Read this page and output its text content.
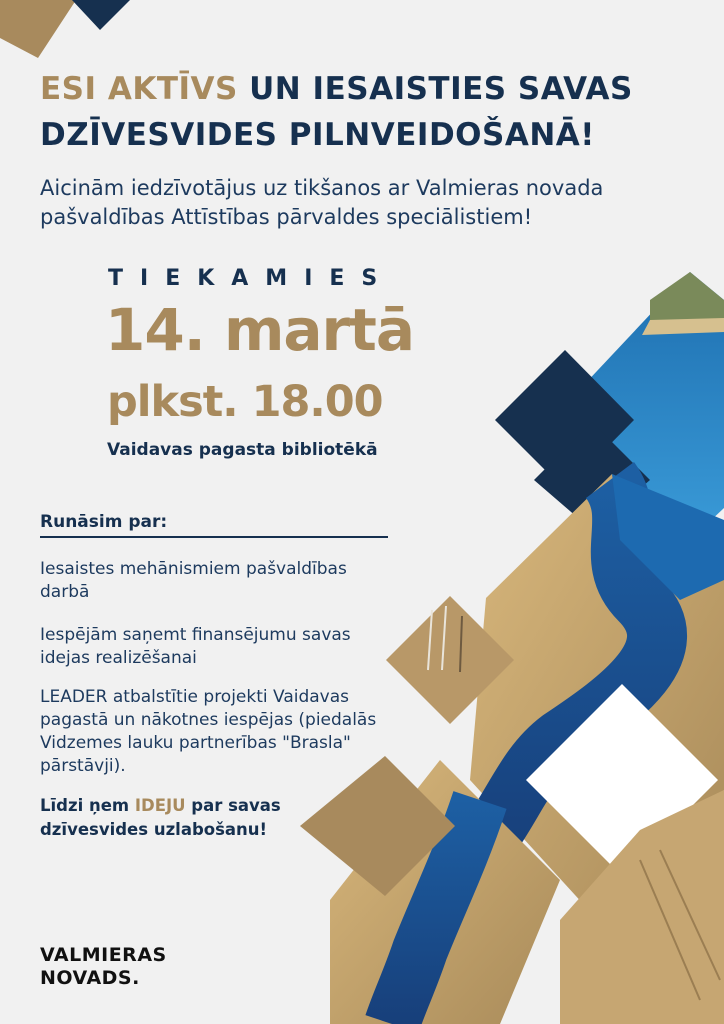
ESI AKTĪVS UN IESAISTIES SAVAS DZĪVESVIDES PILNVEIDOŠANĀ!
Aicinām iedzīvotājus uz tikšanos ar Valmieras novada pašvaldības Attīstības pārvaldes speciālistiem!
TIEKAMIES
14. martā
plkst. 18.00
Vaidavas pagasta bibliotēkā
Runāsim par:
Iesaistes mehānismiem pašvaldības darbā
Iespējām saņemt finansējumu savas idejas realizēšanai
LEADER atbalstītie projekti Vaidavas pagastā un nākotnes iespējas (piedalās Vidzemes lauku partnerības "Brasla" pārstāvji).
Līdzi ņem IDEJU par savas dzīvesvides uzlabošanu!
VALMIERAS
NOVADS.
